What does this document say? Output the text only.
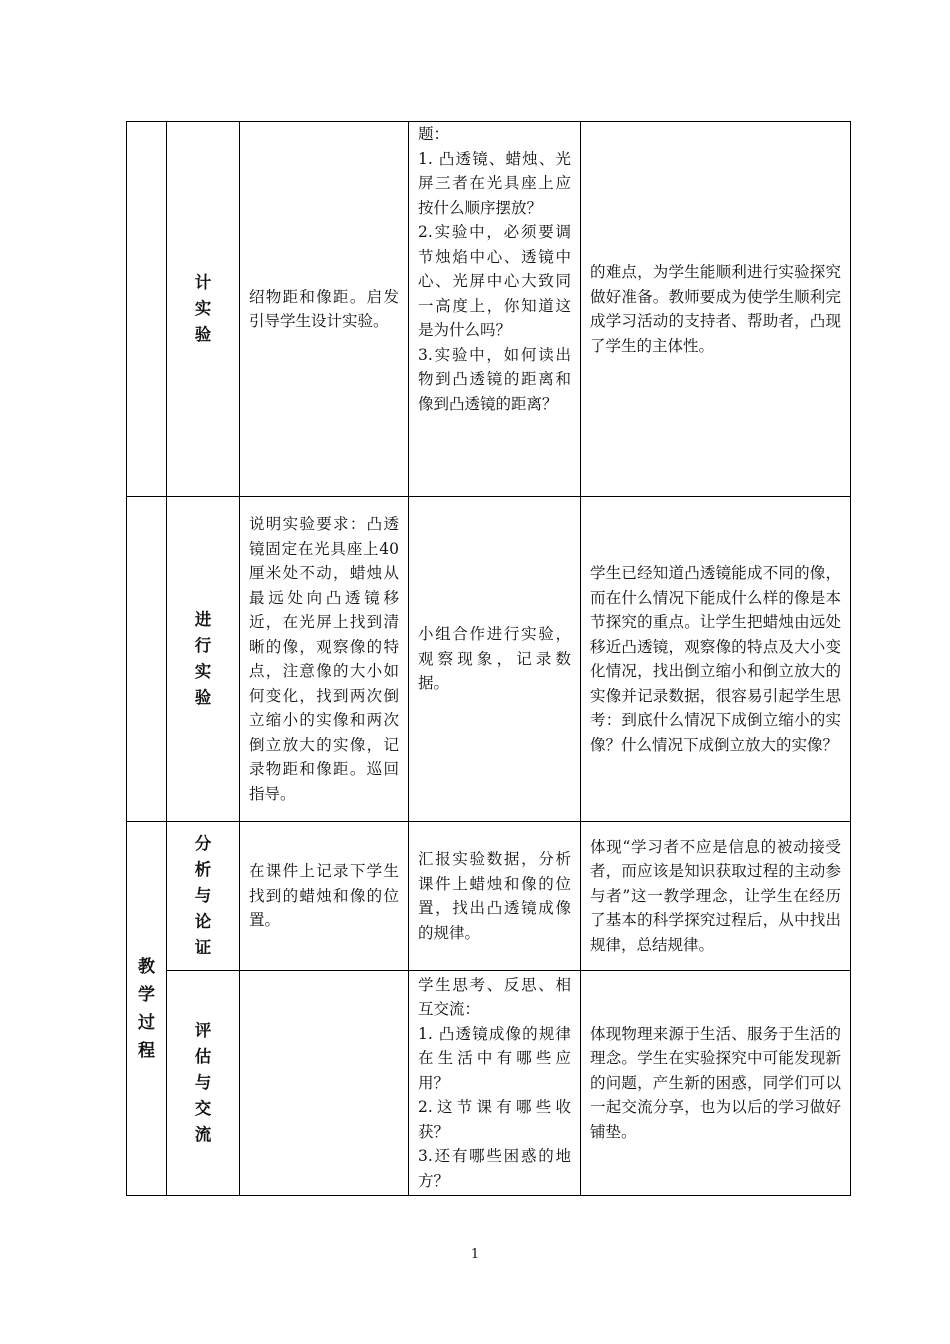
	计
实
验	绍物距和像距。启发引导学生设计实验。	题：
1. 凸透镜、蜡烛、光屏三者在光具座上应按什么顺序摆放？
2.实验中，必须要调节烛焰中心、透镜中心、光屏中心大致同一高度上，你知道这是为什么吗？
3.实验中，如何读出物到凸透镜的距离和像到凸透镜的距离？	的难点，为学生能顺利进行实验探究做好准备。教师要成为使学生顺利完成学习活动的支持者、帮助者，凸现了学生的主体性。

	进
行
实
验	说明实验要求：凸透镜固定在光具座上40厘米处不动，蜡烛从最远处向凸透镜移近，在光屏上找到清晰的像，观察像的特点，注意像的大小如何变化，找到两次倒立缩小的实像和两次倒立放大的实像，记录物距和像距。巡回指导。	小组合作进行实验，观察现象，记录数据。	学生已经知道凸透镜能成不同的像，而在什么情况下能成什么样的像是本节探究的重点。让学生把蜡烛由远处移近凸透镜，观察像的特点及大小变化情况，找出倒立缩小和倒立放大的实像并记录数据，很容易引起学生思考：到底什么情况下成倒立缩小的实像？什么情况下成倒立放大的实像？

教
学
过
程	分
析
与
论
证	在课件上记录下学生找到的蜡烛和像的位置。	汇报实验数据，分析课件上蜡烛和像的位置，找出凸透镜成像的规律。	体现“学习者不应是信息的被动接受者，而应该是知识获取过程的主动参与者”这一教学理念，让学生在经历了基本的科学探究过程后，从中找出规律，总结规律。

	评
估
与
交
流		学生思考、反思、相互交流：
1. 凸透镜成像的规律在生活中有哪些应用？
2.这节课有哪些收获？
3.还有哪些困惑的地方？	体现物理来源于生活、服务于生活的理念。学生在实验探究中可能发现新的问题，产生新的困惑，同学们可以一起交流分享，也为以后的学习做好铺垫。
1
